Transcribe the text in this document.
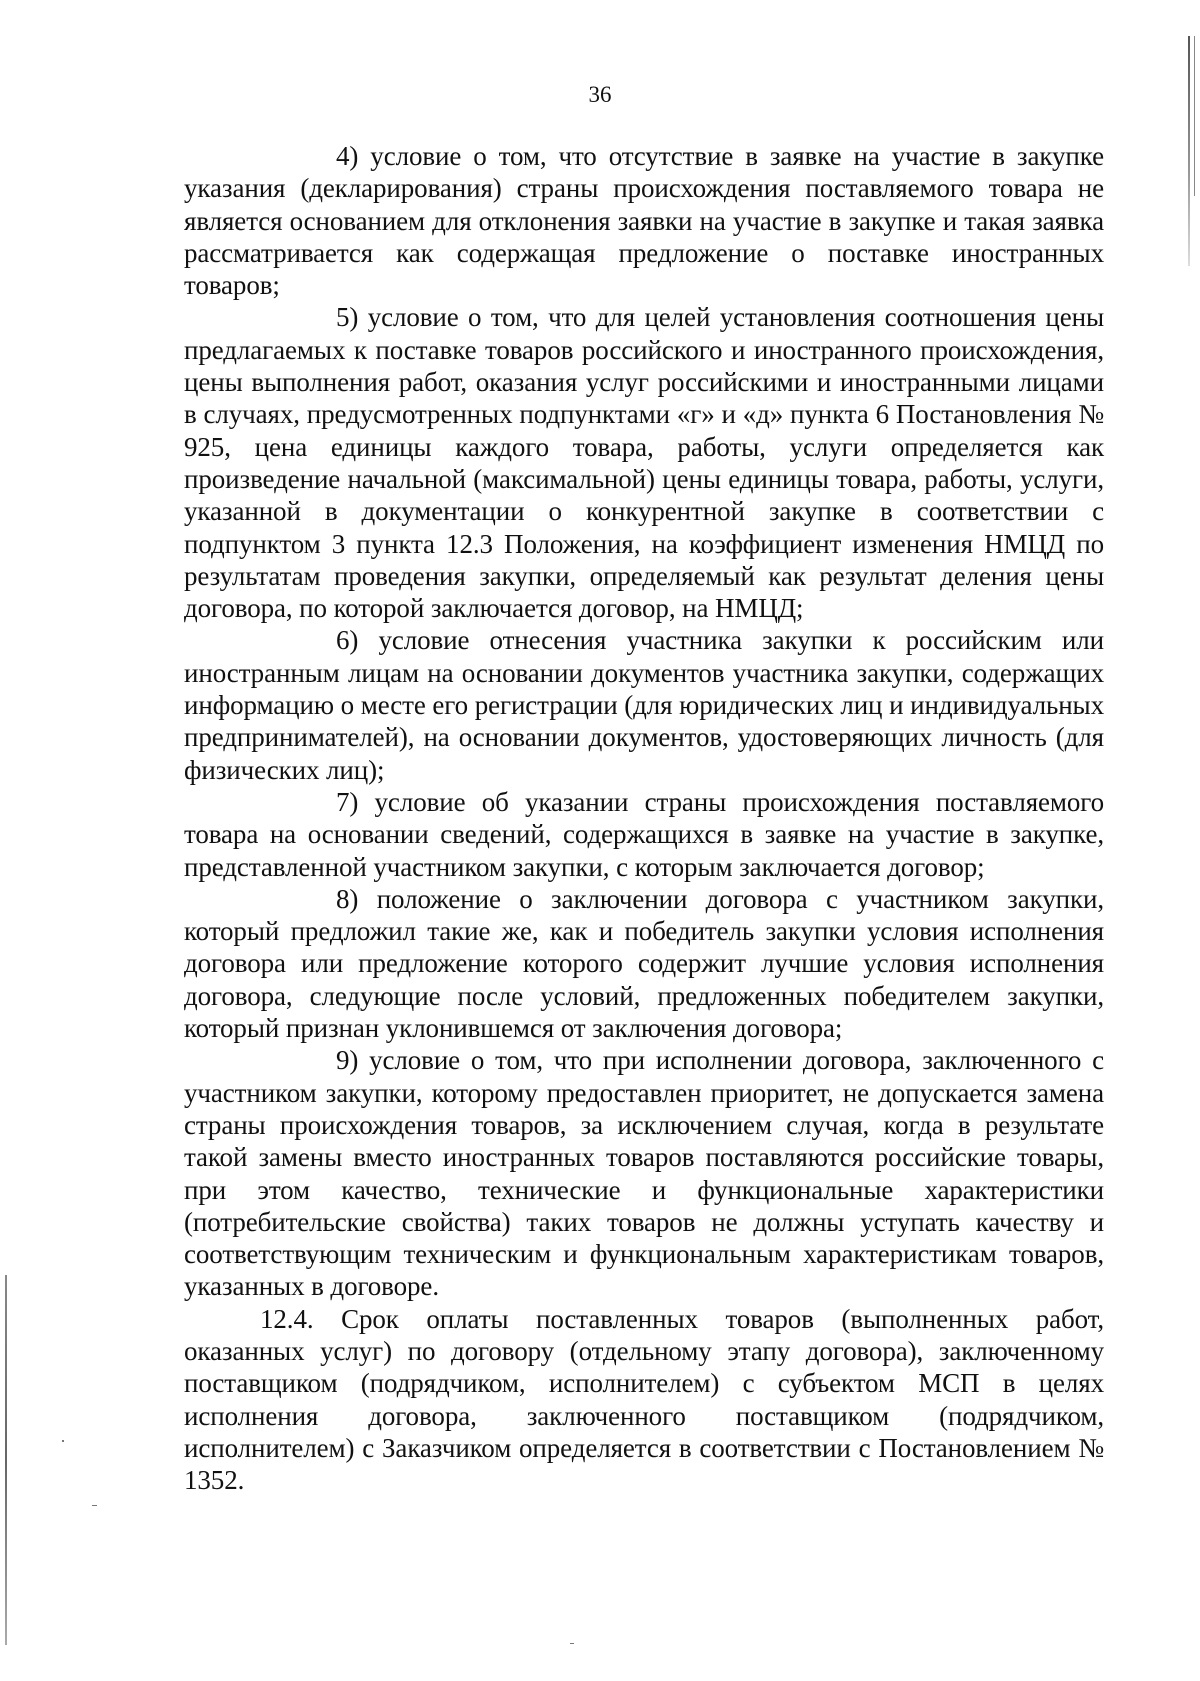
36

4) условие о том, что отсутствие в заявке на участие в закупке указания (декларирования) страны происхождения поставляемого товара не является основанием для отклонения заявки на участие в закупке и такая заявка рассматривается как содержащая предложение о поставке иностранных товаров;

5) условие о том, что для целей установления соотношения цены предлагаемых к поставке товаров российского и иностранного происхождения, цены выполнения работ, оказания услуг российскими и иностранными лицами в случаях, предусмотренных подпунктами «г» и «д» пункта 6 Постановления № 925, цена единицы каждого товара, работы, услуги определяется как произведение начальной (максимальной) цены единицы товара, работы, услуги, указанной в документации о конкурентной закупке в соответствии с подпунктом 3 пункта 12.3 Положения, на коэффициент изменения НМЦД по результатам проведения закупки, определяемый как результат деления цены договора, по которой заключается договор, на НМЦД;

6) условие отнесения участника закупки к российским или иностранным лицам на основании документов участника закупки, содержащих информацию о месте его регистрации (для юридических лиц и индивидуальных предпринимателей), на основании документов, удостоверяющих личность (для физических лиц);

7) условие об указании страны происхождения поставляемого товара на основании сведений, содержащихся в заявке на участие в закупке, представленной участником закупки, с которым заключается договор;

8) положение о заключении договора с участником закупки, который предложил такие же, как и победитель закупки условия исполнения договора или предложение которого содержит лучшие условия исполнения договора, следующие после условий, предложенных победителем закупки, который признан уклонившемся от заключения договора;

9) условие о том, что при исполнении договора, заключенного с участником закупки, которому предоставлен приоритет, не допускается замена страны происхождения товаров, за исключением случая, когда в результате такой замены вместо иностранных товаров поставляются российские товары, при этом качество, технические и функциональные характеристики (потребительские свойства) таких товаров не должны уступать качеству и соответствующим техническим и функциональным характеристикам товаров, указанных в договоре.

12.4. Срок оплаты поставленных товаров (выполненных работ, оказанных услуг) по договору (отдельному этапу договора), заключенному поставщиком (подрядчиком, исполнителем) с субъектом МСП в целях исполнения договора, заключенного поставщиком (подрядчиком, исполнителем) с Заказчиком определяется в соответствии с Постановлением № 1352.
